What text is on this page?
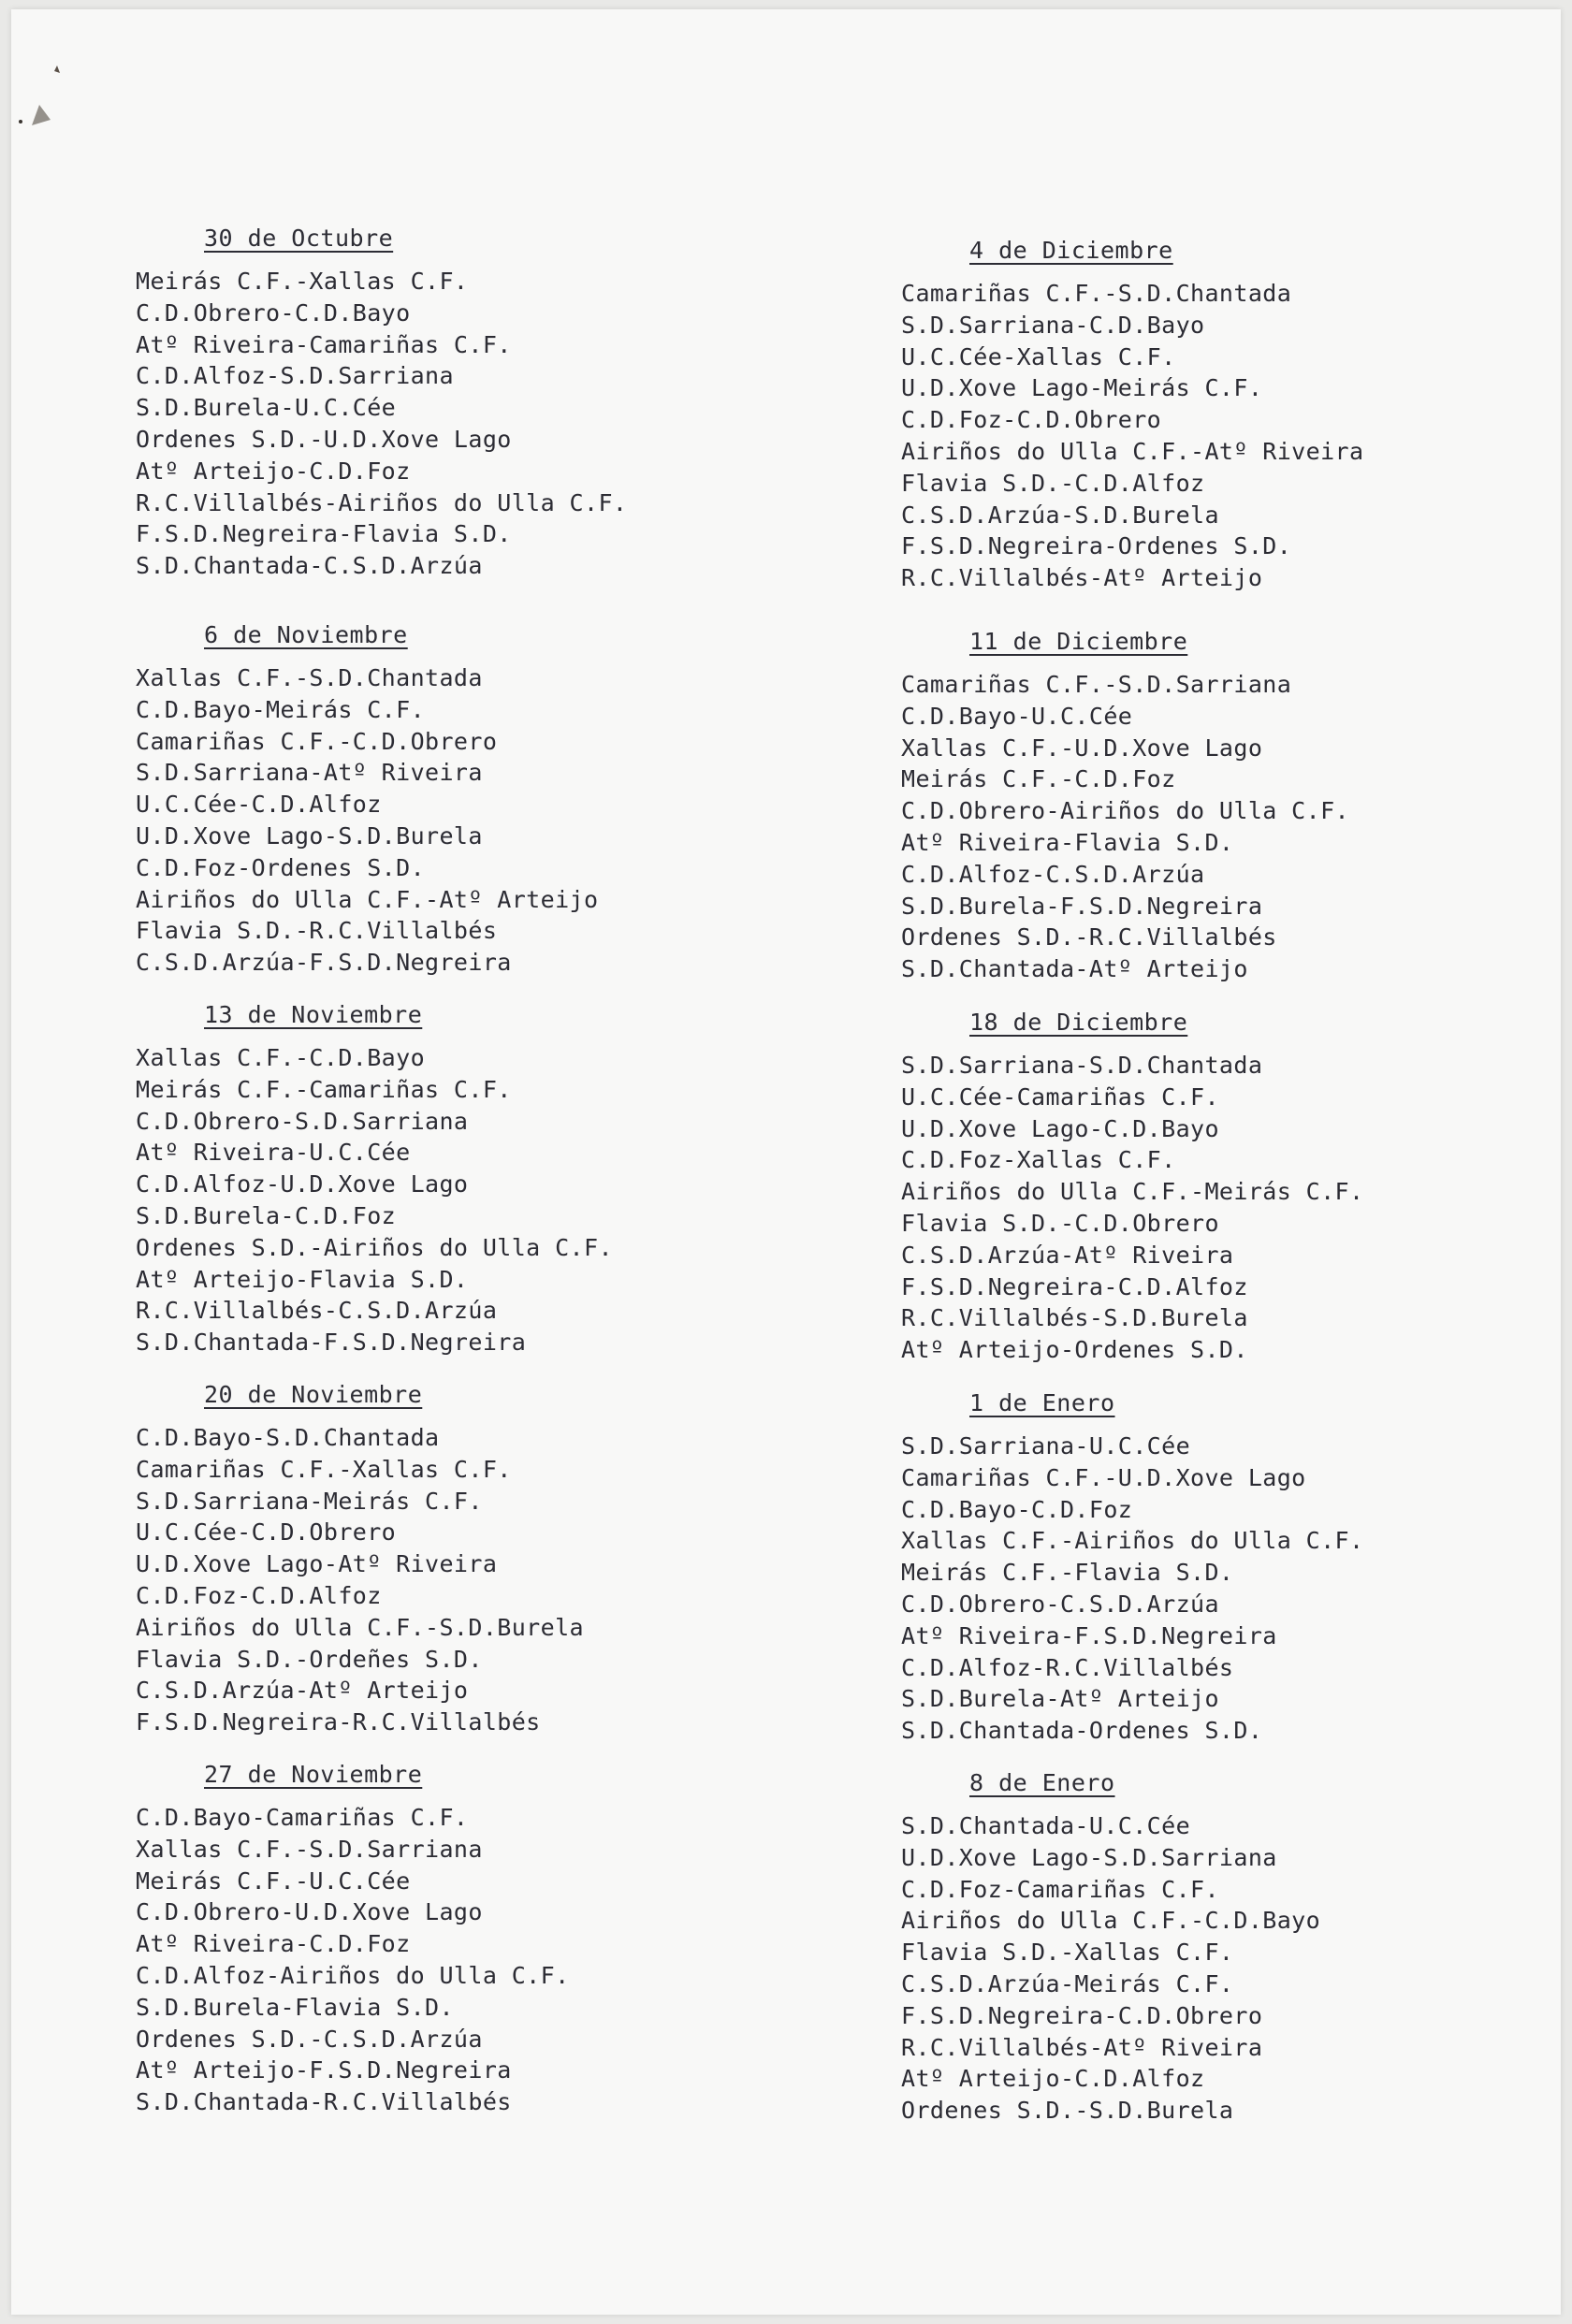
30 de Octubre
Meirás C.F.-Xallas C.F.
C.D.Obrero-C.D.Bayo
Atº Riveira-Camariñas C.F.
C.D.Alfoz-S.D.Sarriana
S.D.Burela-U.C.Cée
Ordenes S.D.-U.D.Xove Lago
Atº Arteijo-C.D.Foz
R.C.Villalbés-Airiños do Ulla C.F.
F.S.D.Negreira-Flavia S.D.
S.D.Chantada-C.S.D.Arzúa
6 de Noviembre
Xallas C.F.-S.D.Chantada
C.D.Bayo-Meirás C.F.
Camariñas C.F.-C.D.Obrero
S.D.Sarriana-Atº Riveira
U.C.Cée-C.D.Alfoz
U.D.Xove Lago-S.D.Burela
C.D.Foz-Ordenes S.D.
Airiños do Ulla C.F.-Atº Arteijo
Flavia S.D.-R.C.Villalbés
C.S.D.Arzúa-F.S.D.Negreira
13 de Noviembre
Xallas C.F.-C.D.Bayo
Meirás C.F.-Camariñas C.F.
C.D.Obrero-S.D.Sarriana
Atº Riveira-U.C.Cée
C.D.Alfoz-U.D.Xove Lago
S.D.Burela-C.D.Foz
Ordenes S.D.-Airiños do Ulla C.F.
Atº Arteijo-Flavia S.D.
R.C.Villalbés-C.S.D.Arzúa
S.D.Chantada-F.S.D.Negreira
20 de Noviembre
C.D.Bayo-S.D.Chantada
Camariñas C.F.-Xallas C.F.
S.D.Sarriana-Meirás C.F.
U.C.Cée-C.D.Obrero
U.D.Xove Lago-Atº Riveira
C.D.Foz-C.D.Alfoz
Airiños do Ulla C.F.-S.D.Burela
Flavia S.D.-Ordeñes S.D.
C.S.D.Arzúa-Atº Arteijo
F.S.D.Negreira-R.C.Villalbés
27 de Noviembre
C.D.Bayo-Camariñas C.F.
Xallas C.F.-S.D.Sarriana
Meirás C.F.-U.C.Cée
C.D.Obrero-U.D.Xove Lago
Atº Riveira-C.D.Foz
C.D.Alfoz-Airiños do Ulla C.F.
S.D.Burela-Flavia S.D.
Ordenes S.D.-C.S.D.Arzúa
Atº Arteijo-F.S.D.Negreira
S.D.Chantada-R.C.Villalbés
4 de Diciembre
Camariñas C.F.-S.D.Chantada
S.D.Sarriana-C.D.Bayo
U.C.Cée-Xallas C.F.
U.D.Xove Lago-Meirás C.F.
C.D.Foz-C.D.Obrero
Airiños do Ulla C.F.-Atº Riveira
Flavia S.D.-C.D.Alfoz
C.S.D.Arzúa-S.D.Burela
F.S.D.Negreira-Ordenes S.D.
R.C.Villalbés-Atº Arteijo
11 de Diciembre
Camariñas C.F.-S.D.Sarriana
C.D.Bayo-U.C.Cée
Xallas C.F.-U.D.Xove Lago
Meirás C.F.-C.D.Foz
C.D.Obrero-Airiños do Ulla C.F.
Atº Riveira-Flavia S.D.
C.D.Alfoz-C.S.D.Arzúa
S.D.Burela-F.S.D.Negreira
Ordenes S.D.-R.C.Villalbés
S.D.Chantada-Atº Arteijo
18 de Diciembre
S.D.Sarriana-S.D.Chantada
U.C.Cée-Camariñas C.F.
U.D.Xove Lago-C.D.Bayo
C.D.Foz-Xallas C.F.
Airiños do Ulla C.F.-Meirás C.F.
Flavia S.D.-C.D.Obrero
C.S.D.Arzúa-Atº Riveira
F.S.D.Negreira-C.D.Alfoz
R.C.Villalbés-S.D.Burela
Atº Arteijo-Ordenes S.D.
1 de Enero
S.D.Sarriana-U.C.Cée
Camariñas C.F.-U.D.Xove Lago
C.D.Bayo-C.D.Foz
Xallas C.F.-Airiños do Ulla C.F.
Meirás C.F.-Flavia S.D.
C.D.Obrero-C.S.D.Arzúa
Atº Riveira-F.S.D.Negreira
C.D.Alfoz-R.C.Villalbés
S.D.Burela-Atº Arteijo
S.D.Chantada-Ordenes S.D.
8 de Enero
S.D.Chantada-U.C.Cée
U.D.Xove Lago-S.D.Sarriana
C.D.Foz-Camariñas C.F.
Airiños do Ulla C.F.-C.D.Bayo
Flavia S.D.-Xallas C.F.
C.S.D.Arzúa-Meirás C.F.
F.S.D.Negreira-C.D.Obrero
R.C.Villalbés-Atº Riveira
Atº Arteijo-C.D.Alfoz
Ordenes S.D.-S.D.Burela
